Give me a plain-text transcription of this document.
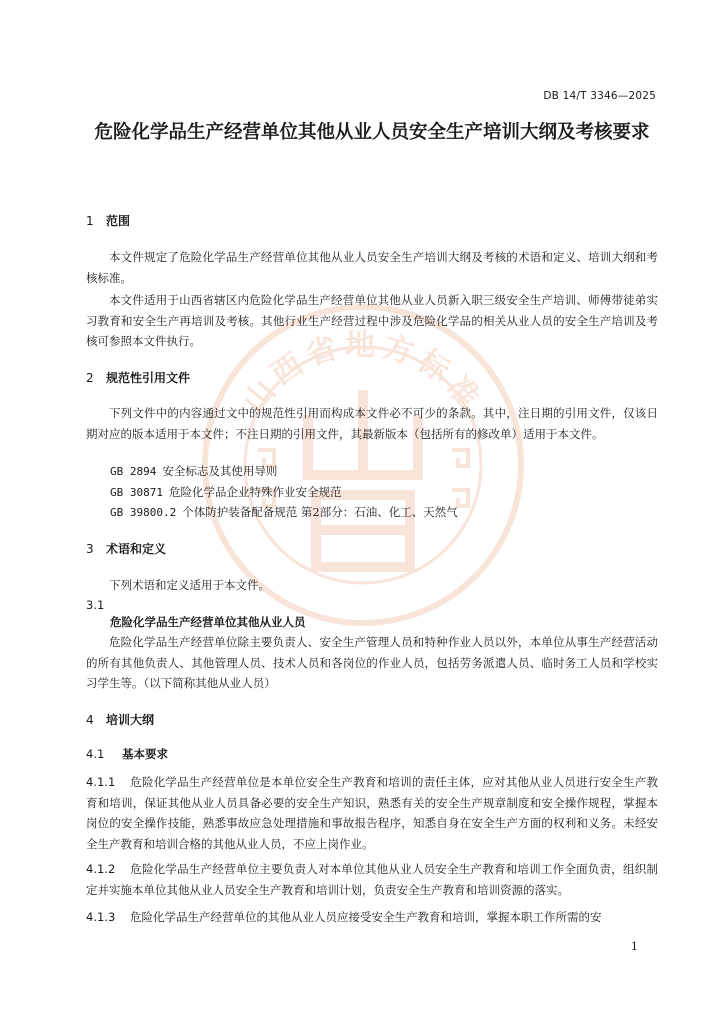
山西省地方标准
DB 14/T 3346—2025
危险化学品生产经营单位其他从业人员安全生产培训大纲及考核要求
1 范围
本文件规定了危险化学品生产经营单位其他从业人员安全生产培训大纲及考核的术语和定义、培训大纲和考核标准。
本文件适用于山西省辖区内危险化学品生产经营单位其他从业人员新入职三级安全生产培训、师傅带徒弟实习教育和安全生产再培训及考核。其他行业生产经营过程中涉及危险化学品的相关从业人员的安全生产培训及考核可参照本文件执行。
2 规范性引用文件
下列文件中的内容通过文中的规范性引用而构成本文件必不可少的条款。其中，注日期的引用文件，仅该日期对应的版本适用于本文件；不注日期的引用文件，其最新版本（包括所有的修改单）适用于本文件。
GB 2894 安全标志及其使用导则
GB 30871 危险化学品企业特殊作业安全规范
GB 39800.2 个体防护装备配备规范 第2部分：石油、化工、天然气
3 术语和定义
下列术语和定义适用于本文件。
3.1
危险化学品生产经营单位其他从业人员
危险化学品生产经营单位除主要负责人、安全生产管理人员和特种作业人员以外，本单位从事生产经营活动的所有其他负责人、其他管理人员、技术人员和各岗位的作业人员，包括劳务派遣人员、临时务工人员和学校实习学生等。（以下简称其他从业人员）
4 培训大纲
4.1 基本要求
4.1.1 危险化学品生产经营单位是本单位安全生产教育和培训的责任主体，应对其他从业人员进行安全生产教育和培训，保证其他从业人员具备必要的安全生产知识，熟悉有关的安全生产规章制度和安全操作规程，掌握本岗位的安全操作技能，熟悉事故应急处理措施和事故报告程序，知悉自身在安全生产方面的权利和义务。未经安全生产教育和培训合格的其他从业人员，不应上岗作业。
4.1.2 危险化学品生产经营单位主要负责人对本单位其他从业人员安全生产教育和培训工作全面负责，组织制定并实施本单位其他从业人员安全生产教育和培训计划，负责安全生产教育和培训资源的落实。
4.1.3 危险化学品生产经营单位的其他从业人员应接受安全生产教育和培训，掌握本职工作所需的安
1
